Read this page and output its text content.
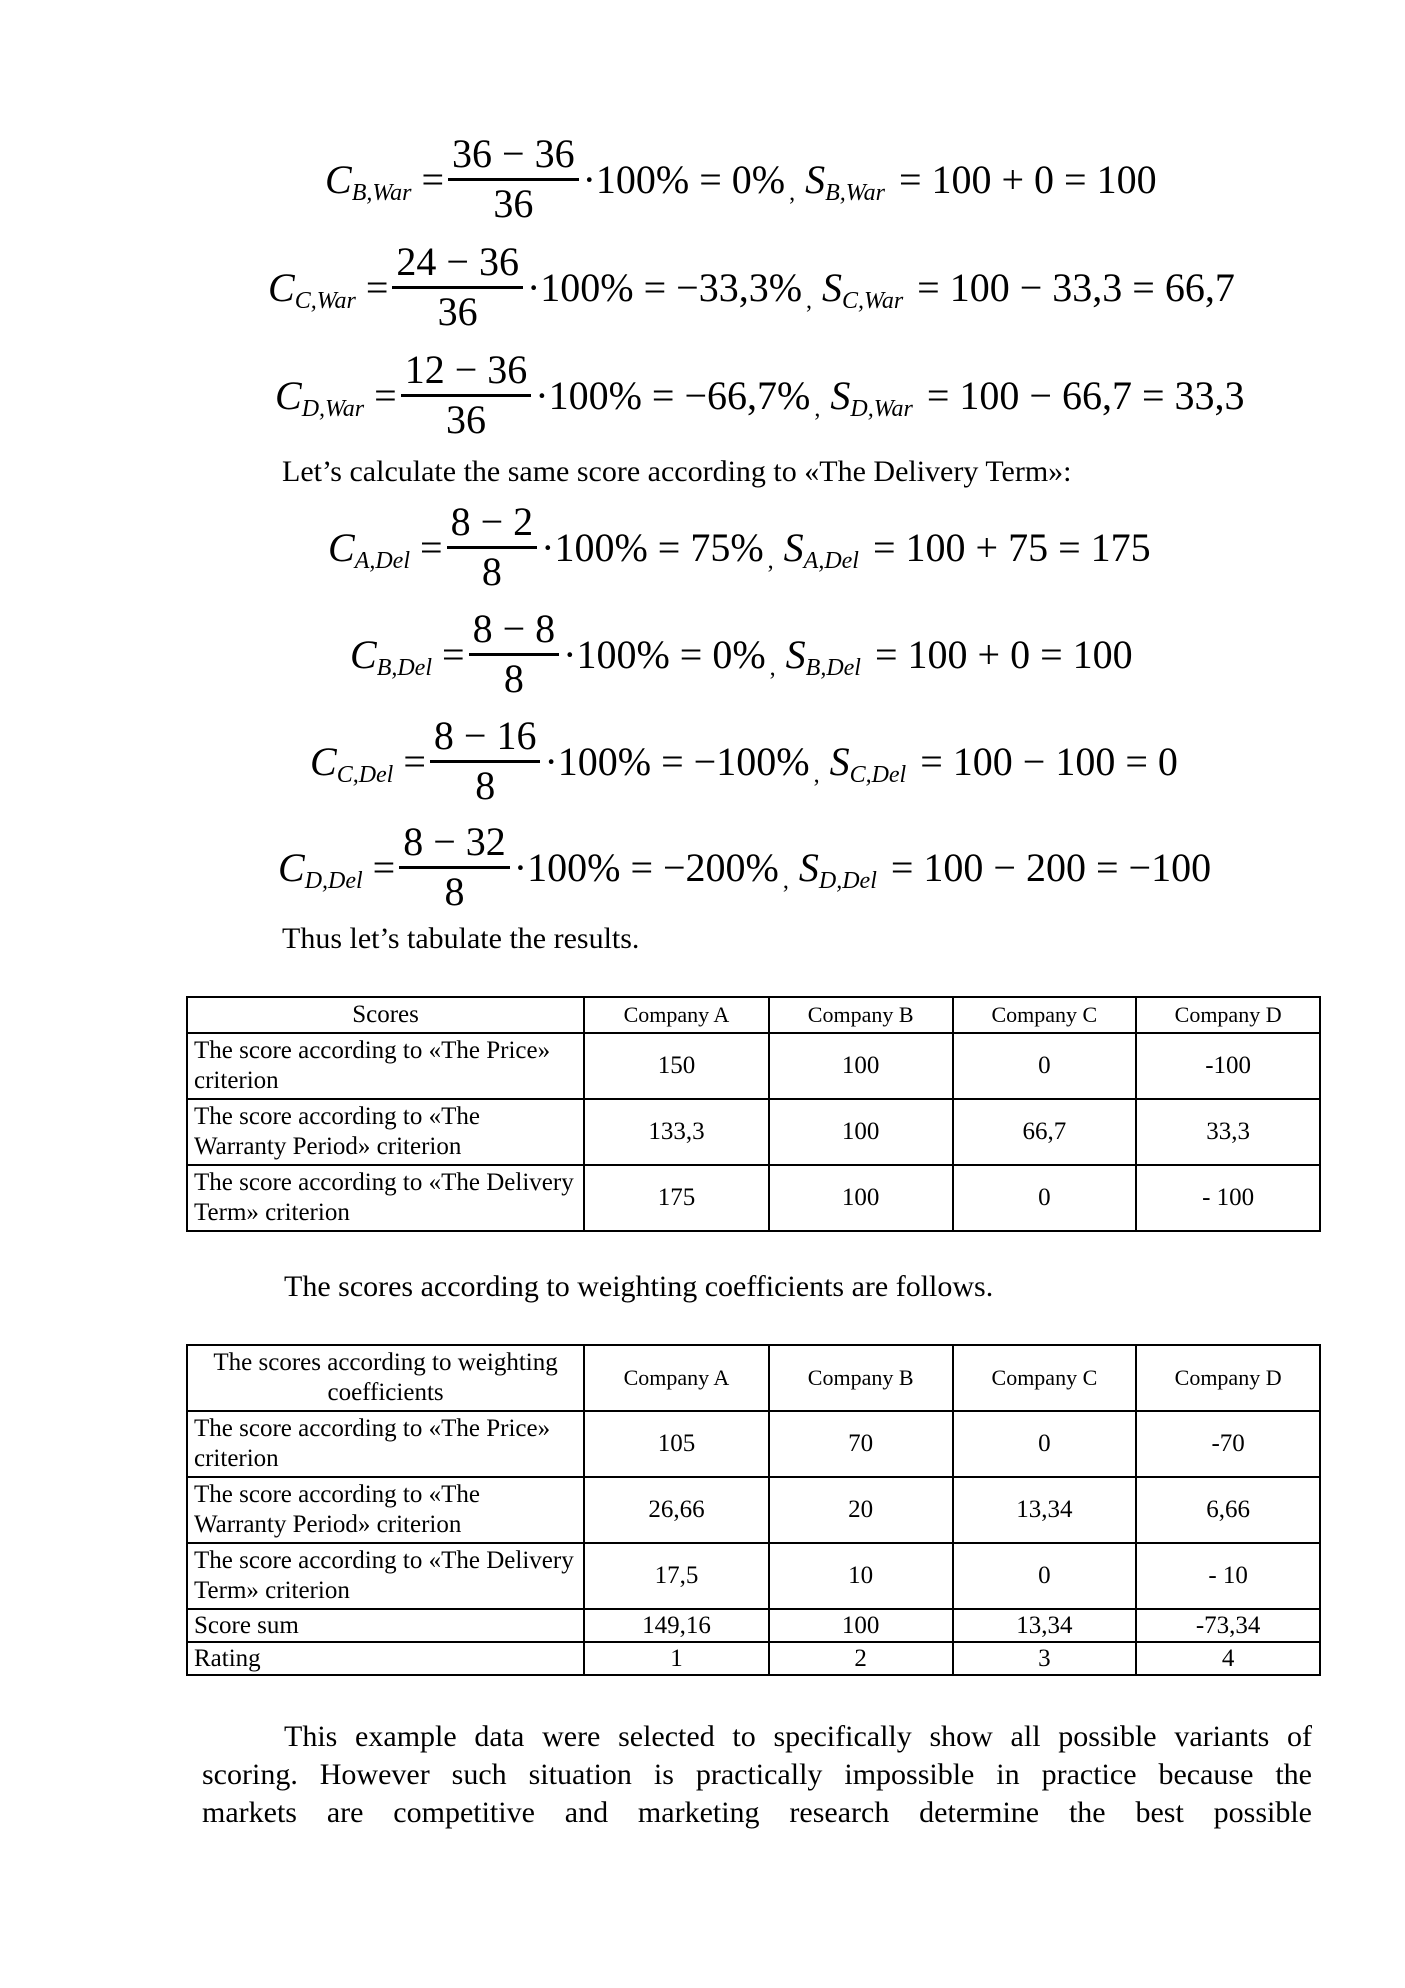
C $B,War = \frac{36 - 36}{36} \cdot 100\% = 0\%$ , S B,War = 100 + 0 = 100
C $C,War = \frac{24 - 36}{36} \cdot 100\% = -33,3\%$ , S C,War = 100 − 33,3 = 66,7
C $D,War = \frac{12 - 36}{36} \cdot 100\% = -66,7\%$ , S D,War = 100 − 66,7 = 33,3
Let’s calculate the same score according to «The Delivery Term»:
C $A,Del = \frac{8 - 2}{8} \cdot 100\% = 75\%$ , S A,Del = 100 + 75 = 175
C $B,Del = \frac{8 - 8}{8} \cdot 100\% = 0\%$ , S B,Del = 100 + 0 = 100
C $C,Del = \frac{8 - 16}{8} \cdot 100\% = -100\%$ , S C,Del = 100 − 100 = 0
C $D,Del = \frac{8 - 32}{8} \cdot 100\% = -200\%$ , S D,Del = 100 − 200 = −100
Thus let’s tabulate the results.
Scores	Company A	Company B	Company C	Company D
The score according to «The Price» criterion	150	100	0	-100
The score according to «The Warranty Period» criterion	133,3	100	66,7	33,3
The score according to «The Delivery Term» criterion	175	100	0	- 100
The scores according to weighting coefficients are follows.
The scores according to weighting coefficients	Company A	Company B	Company C	Company D
The score according to «The Price» criterion	105	70	0	-70
The score according to «The Warranty Period» criterion	26,66	20	13,34	6,66
The score according to «The Delivery Term» criterion	17,5	10	0	- 10
Score sum	149,16	100	13,34	-73,34
Rating	1	2	3	4
This example data were selected to specifically show all possible variants of
scoring. However such situation is practically impossible in practice because the
markets are competitive and marketing research determine the best possible
